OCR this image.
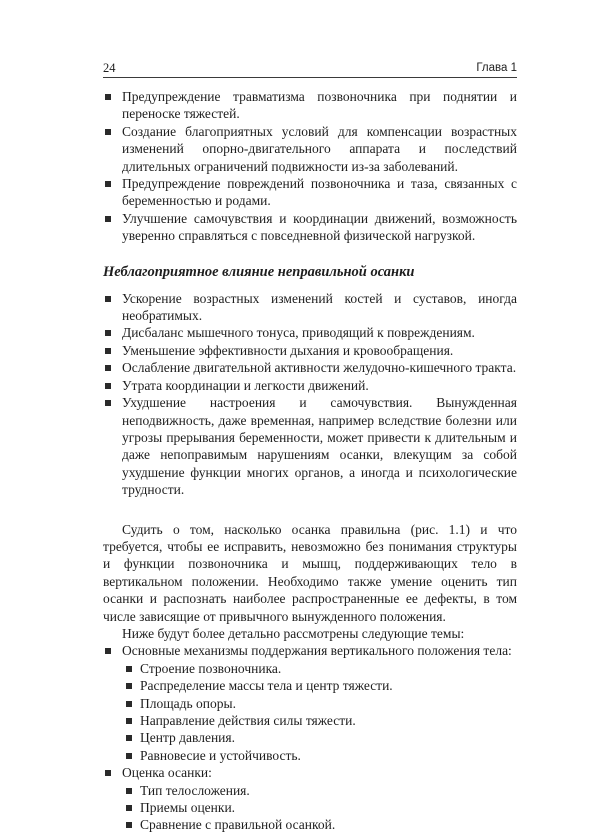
24	Глава 1
Предупреждение травматизма позвоночника при поднятии и переноске тяжестей.
Создание благоприятных условий для компенсации возрастных изменений опорно-двигательного аппарата и последствий длительных ограничений подвижности из-за заболеваний.
Предупреждение повреждений позвоночника и таза, связанных с беременностью и родами.
Улучшение самочувствия и координации движений, возможность уверенно справляться с повседневной физической нагрузкой.
Неблагоприятное влияние неправильной осанки
Ускорение возрастных изменений костей и суставов, иногда необратимых.
Дисбаланс мышечного тонуса, приводящий к повреждениям.
Уменьшение эффективности дыхания и кровообращения.
Ослабление двигательной активности желудочно-кишечного тракта.
Утрата координации и легкости движений.
Ухудшение настроения и самочувствия. Вынужденная неподвижность, даже временная, например вследствие болезни или угрозы прерывания беременности, может привести к длительным и даже непоправимым нарушениям осанки, влекущим за собой ухудшение функции многих органов, а иногда и психологические трудности.

Судить о том, насколько осанка правильна (рис. 1.1) и что требуется, чтобы ее исправить, невозможно без понимания структуры и функции позвоночника и мышц, поддерживающих тело в вертикальном положении. Необходимо также умение оценить тип осанки и распознать наиболее распространенные ее дефекты, в том числе зависящие от привычного вынужденного положения.

Ниже будут более детально рассмотрены следующие темы:

Основные механизмы поддержания вертикального положения тела:
Строение позвоночника.
Распределение массы тела и центр тяжести.
Площадь опоры.
Направление действия силы тяжести.
Центр давления.
Равновесие и устойчивость.
Оценка осанки:
Тип телосложения.
Приемы оценки.
Сравнение с правильной осанкой.
